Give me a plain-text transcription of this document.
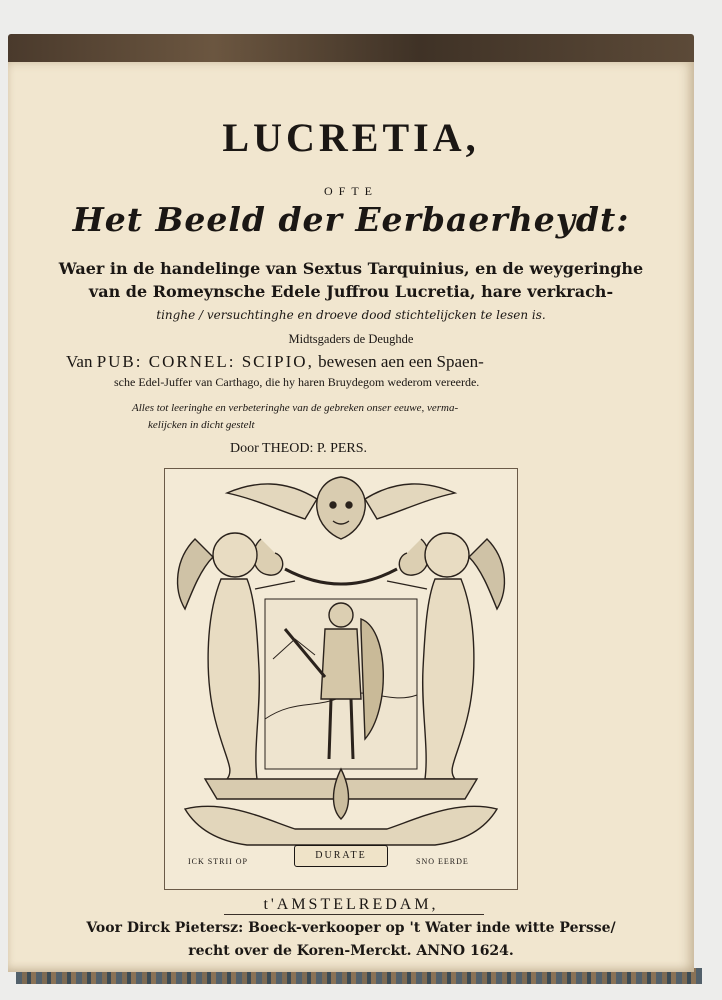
LUCRETIA,
OFTE
Het Beeld der Eerbaerheydt:
Waer in de handelinge van Sextus Tarquinius, en de weygeringhe
van de Romeynsche Edele Juffrou Lucretia, hare verkrach-
tinghe / versuchtinghe en droeve dood stichtelijcken te lesen is.
Midtsgaders de Deughde
Van PUB: CORNEL: SCIPIO, bewesen aen een Spaen-
sche Edel-Juffer van Carthago, die hy haren Bruydegom wederom vereerde.
Alles tot leeringhe en verbeteringhe van de gebreken onser eeuwe, verma-
kelijcken in dicht gestelt
Door THEOD: P. PERS.
ICK STRII OP
DURATE
SNO EERDE
t'AMSTELREDAM,
Voor Dirck Pietersz: Boeck-verkooper op 't Water inde witte Persse/
recht over de Koren-Merckt. ANNO 1624.
